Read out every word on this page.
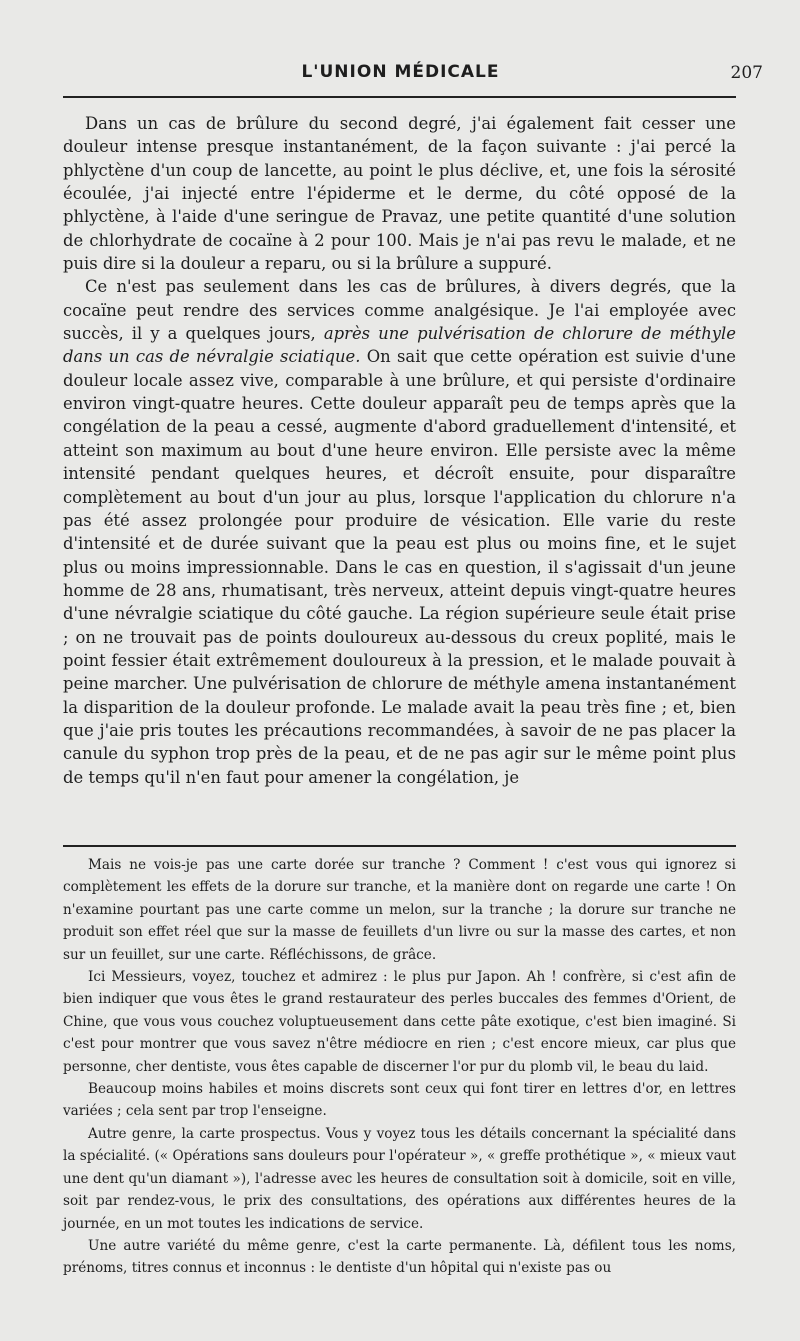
L'UNION MÉDICALE	207

Dans un cas de brûlure du second degré, j'ai également fait cesser une douleur intense presque instantanément, de la façon suivante : j'ai percé la phlyctène d'un coup de lancette, au point le plus déclive, et, une fois la sérosité écoulée, j'ai injecté entre l'épiderme et le derme, du côté opposé de la phlyctène, à l'aide d'une seringue de Pravaz, une petite quantité d'une solution de chlorhydrate de cocaïne à 2 pour 100. Mais je n'ai pas revu le malade, et ne puis dire si la douleur a reparu, ou si la brûlure a suppuré.

Ce n'est pas seulement dans les cas de brûlures, à divers degrés, que la cocaïne peut rendre des services comme analgésique. Je l'ai employée avec succès, il y a quelques jours, après une pulvérisation de chlorure de méthyle dans un cas de névralgie sciatique. On sait que cette opération est suivie d'une douleur locale assez vive, comparable à une brûlure, et qui persiste d'ordinaire environ vingt-quatre heures. Cette douleur apparaît peu de temps après que la congélation de la peau a cessé, augmente d'abord graduellement d'intensité, et atteint son maximum au bout d'une heure environ. Elle persiste avec la même intensité pendant quelques heures, et décroît ensuite, pour disparaître complètement au bout d'un jour au plus, lorsque l'application du chlorure n'a pas été assez prolongée pour produire de vésication. Elle varie du reste d'intensité et de durée suivant que la peau est plus ou moins fine, et le sujet plus ou moins impressionnable. Dans le cas en question, il s'agissait d'un jeune homme de 28 ans, rhumatisant, très nerveux, atteint depuis vingt-quatre heures d'une névralgie sciatique du côté gauche. La région supérieure seule était prise ; on ne trouvait pas de points douloureux au-dessous du creux poplité, mais le point fessier était extrêmement douloureux à la pression, et le malade pouvait à peine marcher. Une pulvérisation de chlorure de méthyle amena instantanément la disparition de la douleur profonde. Le malade avait la peau très fine ; et, bien que j'aie pris toutes les précautions recommandées, à savoir de ne pas placer la canule du syphon trop près de la peau, et de ne pas agir sur le même point plus de temps qu'il n'en faut pour amener la congélation, je

Mais ne vois-je pas une carte dorée sur tranche ? Comment ! c'est vous qui ignorez si complètement les effets de la dorure sur tranche, et la manière dont on regarde une carte ! On n'examine pourtant pas une carte comme un melon, sur la tranche ; la dorure sur tranche ne produit son effet réel que sur la masse de feuillets d'un livre ou sur la masse des cartes, et non sur un feuillet, sur une carte. Réfléchissons, de grâce.

Ici Messieurs, voyez, touchez et admirez : le plus pur Japon. Ah ! confrère, si c'est afin de bien indiquer que vous êtes le grand restaurateur des perles buccales des femmes d'Orient, de Chine, que vous vous couchez voluptueusement dans cette pâte exotique, c'est bien imaginé. Si c'est pour montrer que vous savez n'être médiocre en rien ; c'est encore mieux, car plus que personne, cher dentiste, vous êtes capable de discerner l'or pur du plomb vil, le beau du laid.

Beaucoup moins habiles et moins discrets sont ceux qui font tirer en lettres d'or, en lettres variées ; cela sent par trop l'enseigne.

Autre genre, la carte prospectus. Vous y voyez tous les détails concernant la spécialité dans la spécialité. (« Opérations sans douleurs pour l'opérateur », « greffe prothétique », « mieux vaut une dent qu'un diamant »), l'adresse avec les heures de consultation soit à domicile, soit en ville, soit par rendez-vous, le prix des consultations, des opérations aux différentes heures de la journée, en un mot toutes les indications de service.

Une autre variété du même genre, c'est la carte permanente. Là, défilent tous les noms, prénoms, titres connus et inconnus : le dentiste d'un hôpital qui n'existe pas ou
